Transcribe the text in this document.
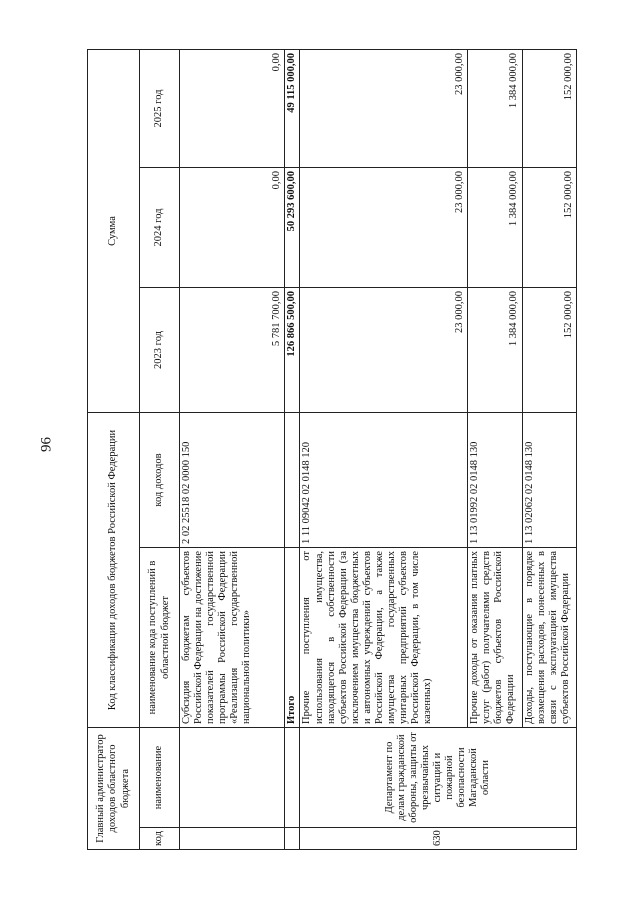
96
Главный администратор доходов областного бюджета		Код классификации доходов бюджетов Российской Федерации		Сумма		
код	наименование	наименование кода поступлений в областной бюджет	код доходов	2023 год	2024 год	2025 год
		Субсидия бюджетам субъектов Российской Федерации на достижение показателей государственной программы Российской Федерации «Реализация государственной национальной политики»	2 02 25518 02 0000 150	5 781 700,00	0,00	0,00
		Итого		126 866 500,00	50 293 600,00	49 115 000,00
630	Департамент по делам гражданской обороны, защиты от чрезвычайных ситуаций и пожарной безопасности Магаданской области	Прочие поступления от использования имущества, находящегося в собственности субъектов Российской Федерации (за исключением имущества бюджетных и автономных учреждений субъектов Российской Федерации, а также имущества государственных унитарных предприятий субъектов Российской Федерации, в том числе казенных)	1 11 09042 02 0148 120	23 000,00	23 000,00	23 000,00
		Прочие доходы от оказания платных услуг (работ) получателями средств бюджетов субъектов Российской Федерации	1 13 01992 02 0148 130	1 384 000,00	1 384 000,00	1 384 000,00
		Доходы, поступающие в порядке возмещения расходов, понесенных в связи с эксплуатацией имущества субъектов Российской Федерации	1 13 02062 02 0148 130	152 000,00	152 000,00	152 000,00
